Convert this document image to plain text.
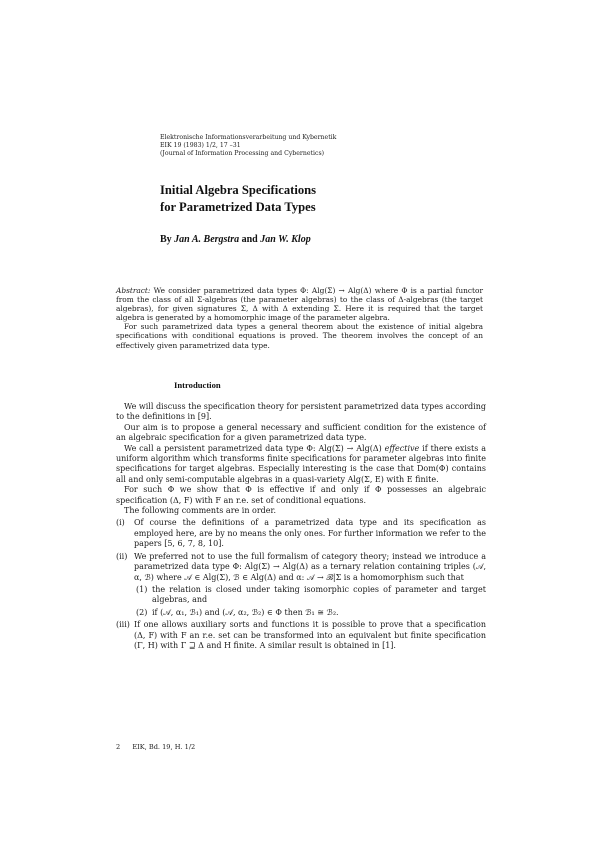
Elektronische Informationsverarbeitung und Kybernetik
EIK 19 (1983) 1/2, 17 –31
(Journal of Information Processing and Cybernetics)
Initial Algebra Specifications
for Parametrized Data Types
By Jan A. Bergstra and Jan W. Klop

Abstract: We consider parametrized data types Φ: Alg(Σ) → Alg(Δ) where Φ is a partial functor from the class of all Σ-algebras (the parameter algebras) to the class of Δ-algebras (the target algebras), for given signatures Σ, Δ with Δ extending Σ. Here it is required that the target algebra is generated by a homomorphic image of the parameter algebra.

For such parametrized data types a general theorem about the existence of initial algebra specifications with conditional equations is proved. The theorem involves the concept of an effectively given parametrized data type.

Introduction

We will discuss the specification theory for persistent parametrized data types according to the definitions in [9].

Our aim is to propose a general necessary and sufficient condition for the existence of an algebraic specification for a given parametrized data type.

We call a persistent parametrized data type Φ: Alg(Σ) → Alg(Δ) effective if there exists a uniform algorithm which transforms finite specifications for parameter algebras into finite specifications for target algebras. Especially interesting is the case that Dom(Φ) contains all and only semi-computable algebras in a quasi-variety Alg(Σ, E) with E finite.

For such Φ we show that Φ is effective if and only if Φ possesses an algebraic specification (Δ, F) with F an r.e. set of conditional equations.

The following comments are in order.

(i)	Of course the definitions of a parametrized data type and its specification as employed here, are by no means the only ones. For further information we refer to the papers [5, 6, 7, 8, 10].
(ii) We preferred not to use the full formalism of category theory; instead we introduce a parametrized data type Φ: Alg(Σ) → Alg(Δ) as a ternary relation containing triples (𝒜, α, ℬ) where 𝒜 ∈ Alg(Σ), ℬ ∈ Alg(Δ) and α: 𝒜 → ℬ|Σ is a homomorphism such that
(1) the relation is closed under taking isomorphic copies of parameter and target algebras, and
(2) if (𝒜, α₁, ℬ₁) and (𝒜, α₂, ℬ₂) ∈ Φ then ℬ₁ ≅ ℬ₂.
(iii) If one allows auxiliary sorts and functions it is possible to prove that a specification (Δ, F) with F an r.e. set can be transformed into an equivalent but finite specification (Γ, H) with Γ ⊒ Δ and H finite. A similar result is obtained in [1].
2 EIK, Bd. 19, H. 1/2
